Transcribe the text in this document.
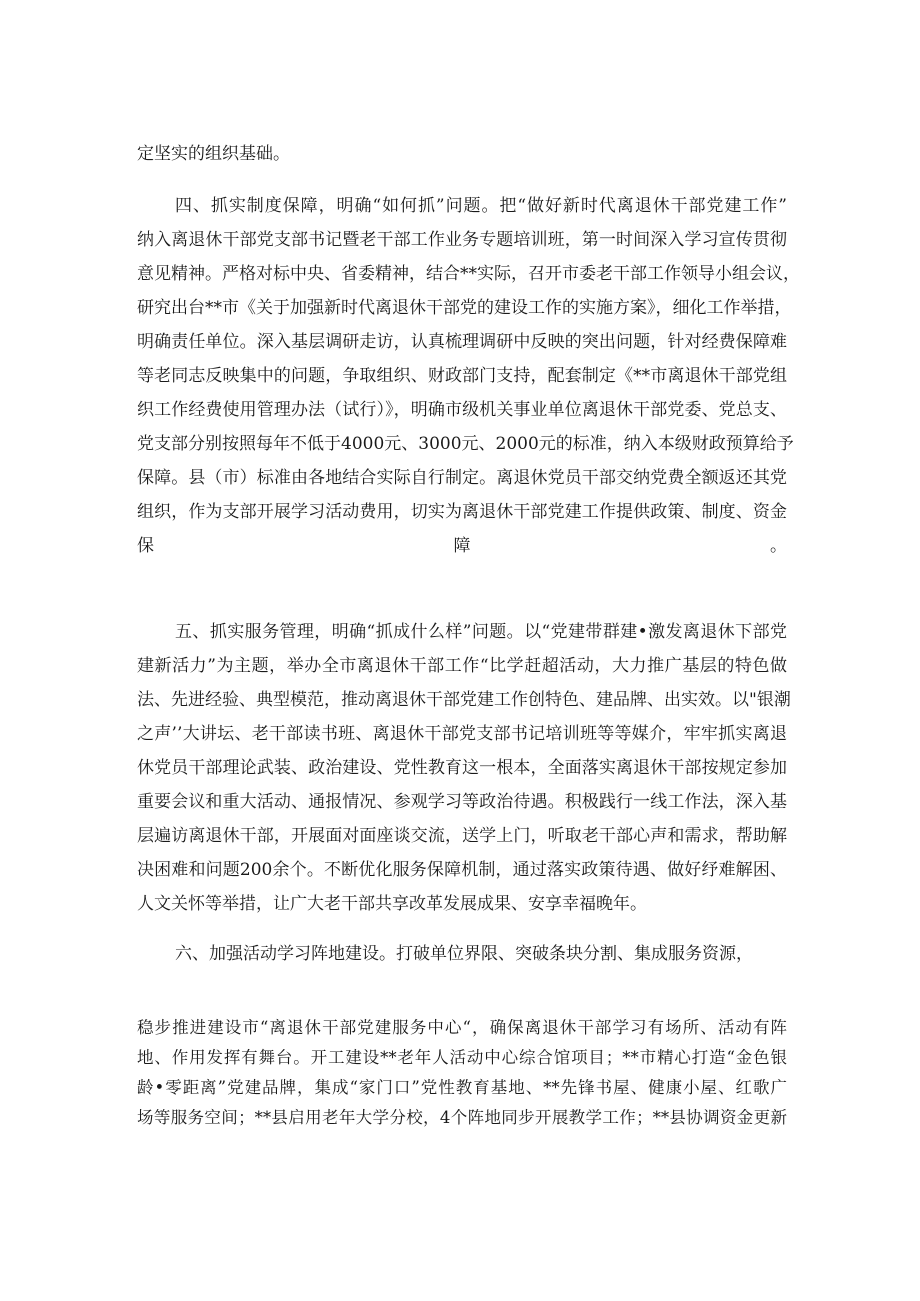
定坚实的组织基础。
四、抓实制度保障，明确“如何抓”问题。把“做好新时代离退休干部党建工作”
纳入离退休干部党支部书记暨老干部工作业务专题培训班，第一时间深入学习宣传贯彻
意见精神。严格对标中央、省委精神，结合**实际，召开市委老干部工作领导小组会议，
研究出台**市《关于加强新时代离退休干部党的建设工作的实施方案》，细化工作举措，
明确责任单位。深入基层调研走访，认真梳理调研中反映的突出问题，针对经费保障难
等老同志反映集中的问题，争取组织、财政部门支持，配套制定《**市离退休干部党组
织工作经费使用管理办法（试行）》，明确市级机关事业单位离退休干部党委、党总支、
党支部分别按照每年不低于4000元、3000元、2000元的标准，纳入本级财政预算给予
保障。县（市）标准由各地结合实际自行制定。离退休党员干部交纳党费全额返还其党
组织，作为支部开展学习活动费用，切实为离退休干部党建工作提供政策、制度、资金
保障。
五、抓实服务管理，明确“抓成什么样”问题。以“党建带群建•激发离退休下部党
建新活力”为主题，举办全市离退休干部工作“比学赶超活动，大力推广基层的特色做
法、先进经验、典型模范，推动离退休干部党建工作创特色、建品牌、出实效。以"银潮
之声’’大讲坛、老干部读书班、离退休干部党支部书记培训班等等媒介，牢牢抓实离退
休党员干部理论武装、政治建设、党性教育这一根本，全面落实离退休干部按规定参加
重要会议和重大活动、通报情况、参观学习等政治待遇。积极践行一线工作法，深入基
层遍访离退休干部，开展面对面座谈交流，送学上门，听取老干部心声和需求，帮助解
决困难和问题200余个。不断优化服务保障机制，通过落实政策待遇、做好纾难解困、
人文关怀等举措，让广大老干部共享改革发展成果、安享幸福晚年。
六、加强活动学习阵地建设。打破单位界限、突破条块分割、集成服务资源，
稳步推进建设市“离退休干部党建服务中心“，确保离退休干部学习有场所、活动有阵
地、作用发挥有舞台。开工建设**老年人活动中心综合馆项目；**市精心打造“金色银
龄•零距离”党建品牌，集成“家门口”党性教育基地、**先锋书屋、健康小屋、红歌广
场等服务空间；**县启用老年大学分校，4个阵地同步开展教学工作；**县协调资金更新
